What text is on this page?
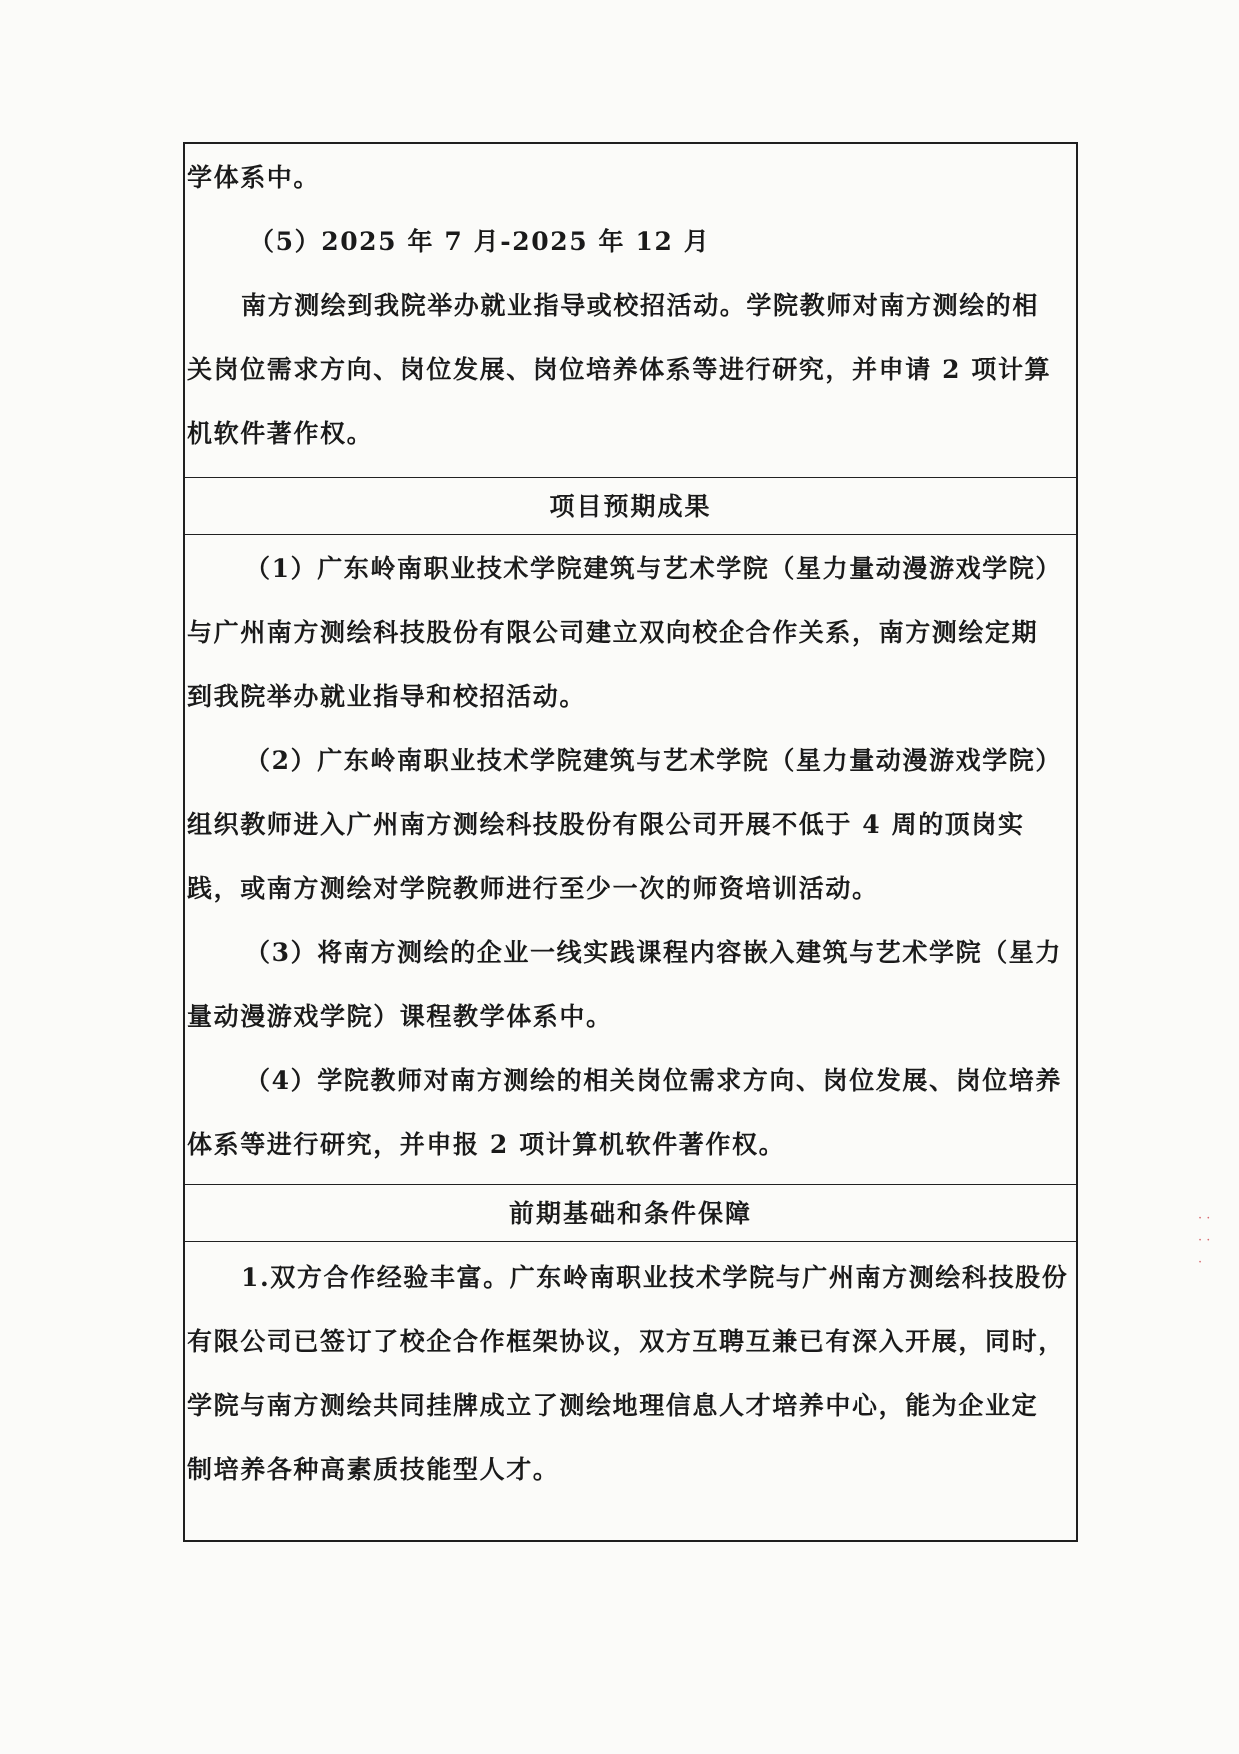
学体系中。

（5）2025 年 7 月-2025 年 12 月

南方测绘到我院举办就业指导或校招活动。学院教师对南方测绘的相

关岗位需求方向、岗位发展、岗位培养体系等进行研究，并申请 2 项计算

机软件著作权。

项目预期成果

（1）广东岭南职业技术学院建筑与艺术学院（星力量动漫游戏学院）

与广州南方测绘科技股份有限公司建立双向校企合作关系，南方测绘定期

到我院举办就业指导和校招活动。

（2）广东岭南职业技术学院建筑与艺术学院（星力量动漫游戏学院）

组织教师进入广州南方测绘科技股份有限公司开展不低于 4 周的顶岗实

践，或南方测绘对学院教师进行至少一次的师资培训活动。

（3）将南方测绘的企业一线实践课程内容嵌入建筑与艺术学院（星力

量动漫游戏学院）课程教学体系中。

（4）学院教师对南方测绘的相关岗位需求方向、岗位发展、岗位培养

体系等进行研究，并申报 2 项计算机软件著作权。

前期基础和条件保障

1.双方合作经验丰富。广东岭南职业技术学院与广州南方测绘科技股份

有限公司已签订了校企合作框架协议，双方互聘互兼已有深入开展，同时，

学院与南方测绘共同挂牌成立了测绘地理信息人才培养中心，能为企业定

制培养各种高素质技能型人才。

· · · · ·
